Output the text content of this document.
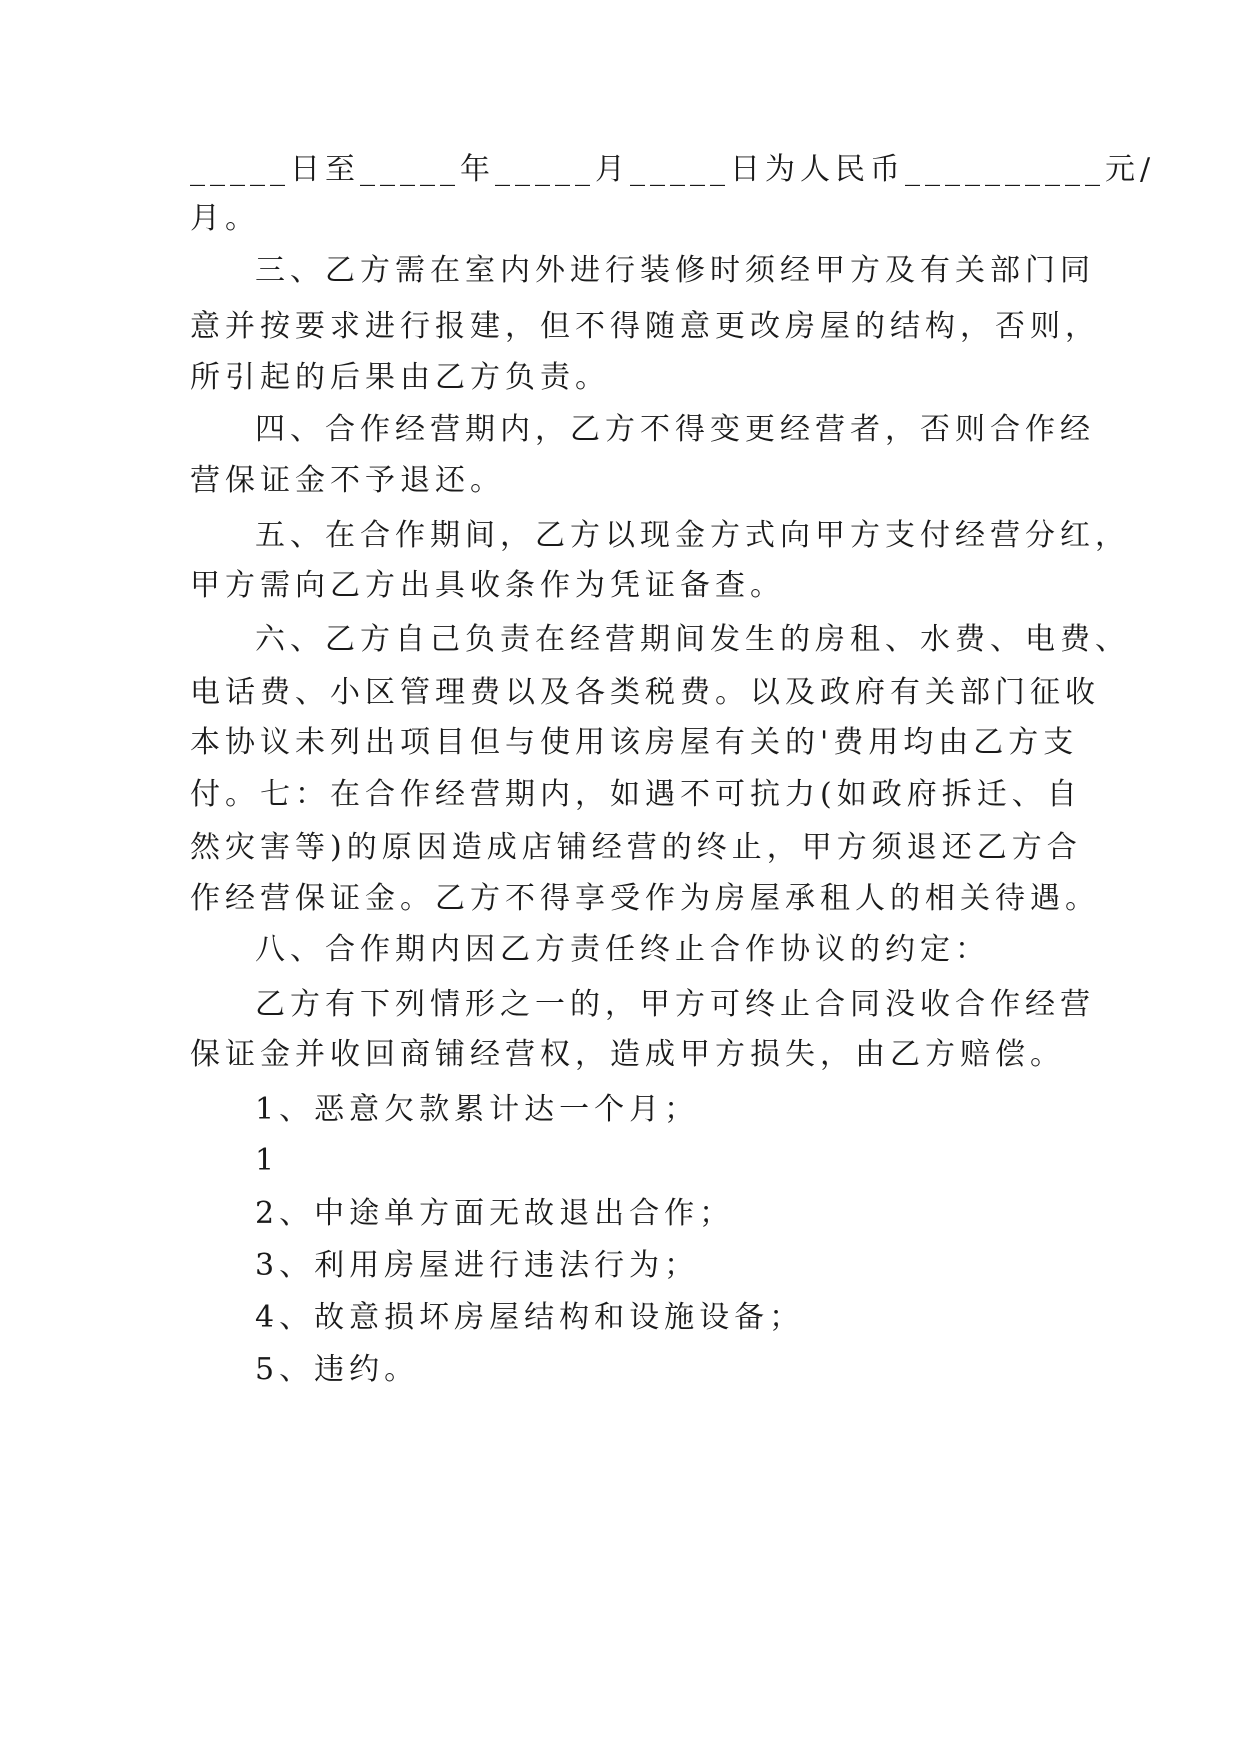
_____日至_____年_____月_____日为人民币__________元/
月。
三、乙方需在室内外进行装修时须经甲方及有关部门同
意并按要求进行报建，但不得随意更改房屋的结构，否则，
所引起的后果由乙方负责。
四、合作经营期内，乙方不得变更经营者，否则合作经
营保证金不予退还。
五、在合作期间，乙方以现金方式向甲方支付经营分红，
甲方需向乙方出具收条作为凭证备查。
六、乙方自己负责在经营期间发生的房租、水费、电费、
电话费、小区管理费以及各类税费。以及政府有关部门征收
本协议未列出项目但与使用该房屋有关的'费用均由乙方支
付。七：在合作经营期内，如遇不可抗力(如政府拆迁、自
然灾害等)的原因造成店铺经营的终止，甲方须退还乙方合
作经营保证金。乙方不得享受作为房屋承租人的相关待遇。
八、合作期内因乙方责任终止合作协议的约定：
乙方有下列情形之一的，甲方可终止合同没收合作经营
保证金并收回商铺经营权，造成甲方损失，由乙方赔偿。
1、恶意欠款累计达一个月；
1
2、中途单方面无故退出合作；
3、利用房屋进行违法行为；
4、故意损坏房屋结构和设施设备；
5、违约。
